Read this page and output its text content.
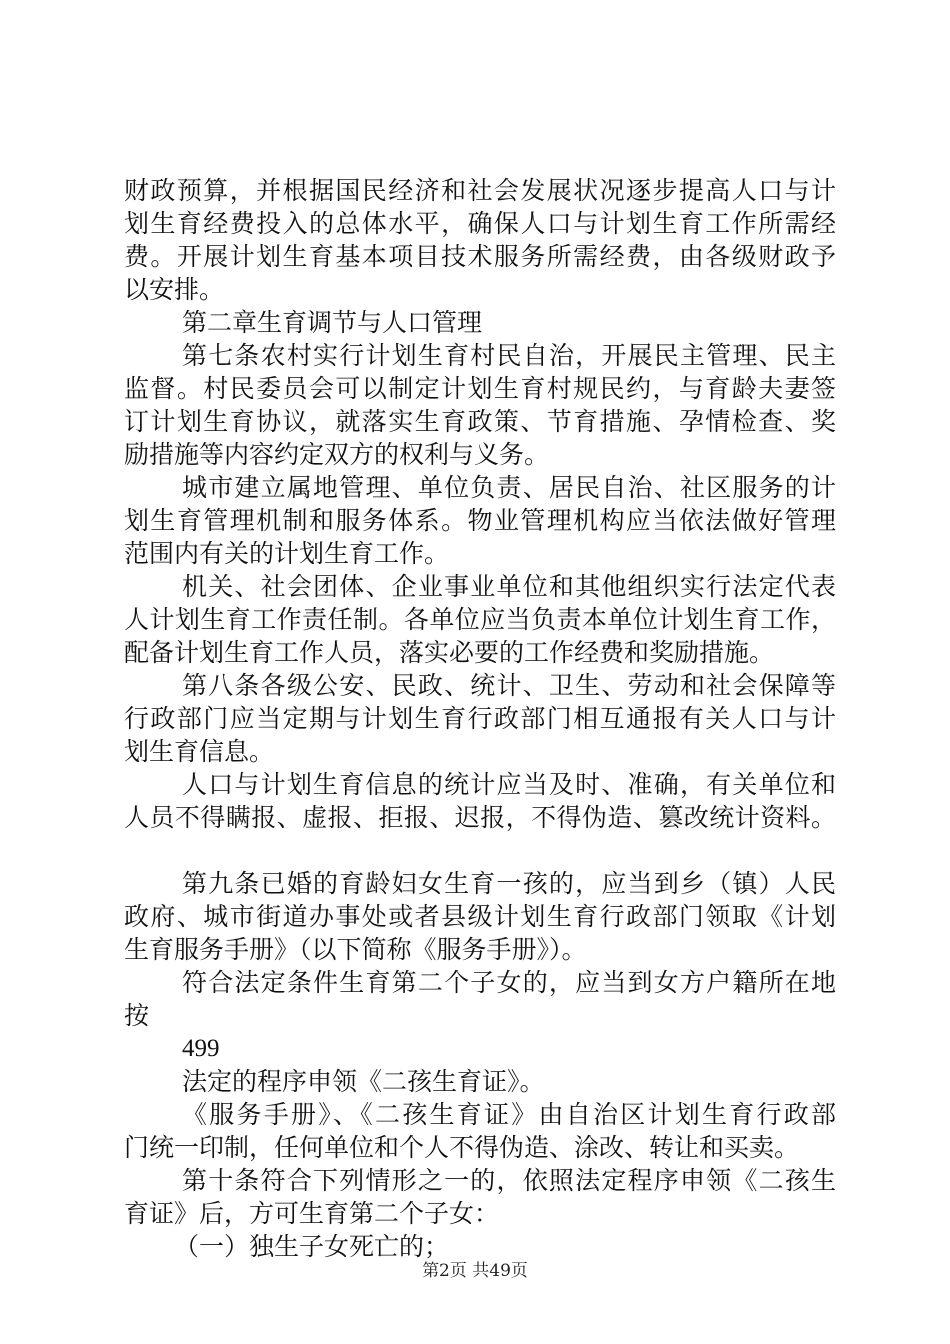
财政预算，并根据国民经济和社会发展状况逐步提高人口与计
划生育经费投入的总体水平，确保人口与计划生育工作所需经
费。开展计划生育基本项目技术服务所需经费，由各级财政予
以安排。
第二章生育调节与人口管理
第七条农村实行计划生育村民自治，开展民主管理、民主
监督。村民委员会可以制定计划生育村规民约，与育龄夫妻签
订计划生育协议，就落实生育政策、节育措施、孕情检查、奖
励措施等内容约定双方的权利与义务。
城市建立属地管理、单位负责、居民自治、社区服务的计
划生育管理机制和服务体系。物业管理机构应当依法做好管理
范围内有关的计划生育工作。
机关、社会团体、企业事业单位和其他组织实行法定代表
人计划生育工作责任制。各单位应当负责本单位计划生育工作，
配备计划生育工作人员，落实必要的工作经费和奖励措施。
第八条各级公安、民政、统计、卫生、劳动和社会保障等
行政部门应当定期与计划生育行政部门相互通报有关人口与计
划生育信息。
人口与计划生育信息的统计应当及时、准确，有关单位和
人员不得瞒报、虚报、拒报、迟报，不得伪造、篡改统计资料。
第九条已婚的育龄妇女生育一孩的，应当到乡（镇）人民
政府、城市街道办事处或者县级计划生育行政部门领取《计划
生育服务手册》（以下简称《服务手册》）。
符合法定条件生育第二个子女的，应当到女方户籍所在地
按
499
法定的程序申领《二孩生育证》。
《服务手册》、《二孩生育证》由自治区计划生育行政部
门统一印制，任何单位和个人不得伪造、涂改、转让和买卖。
第十条符合下列情形之一的，依照法定程序申领《二孩生
育证》后，方可生育第二个子女：
（一）独生子女死亡的；
第2页 共49页
